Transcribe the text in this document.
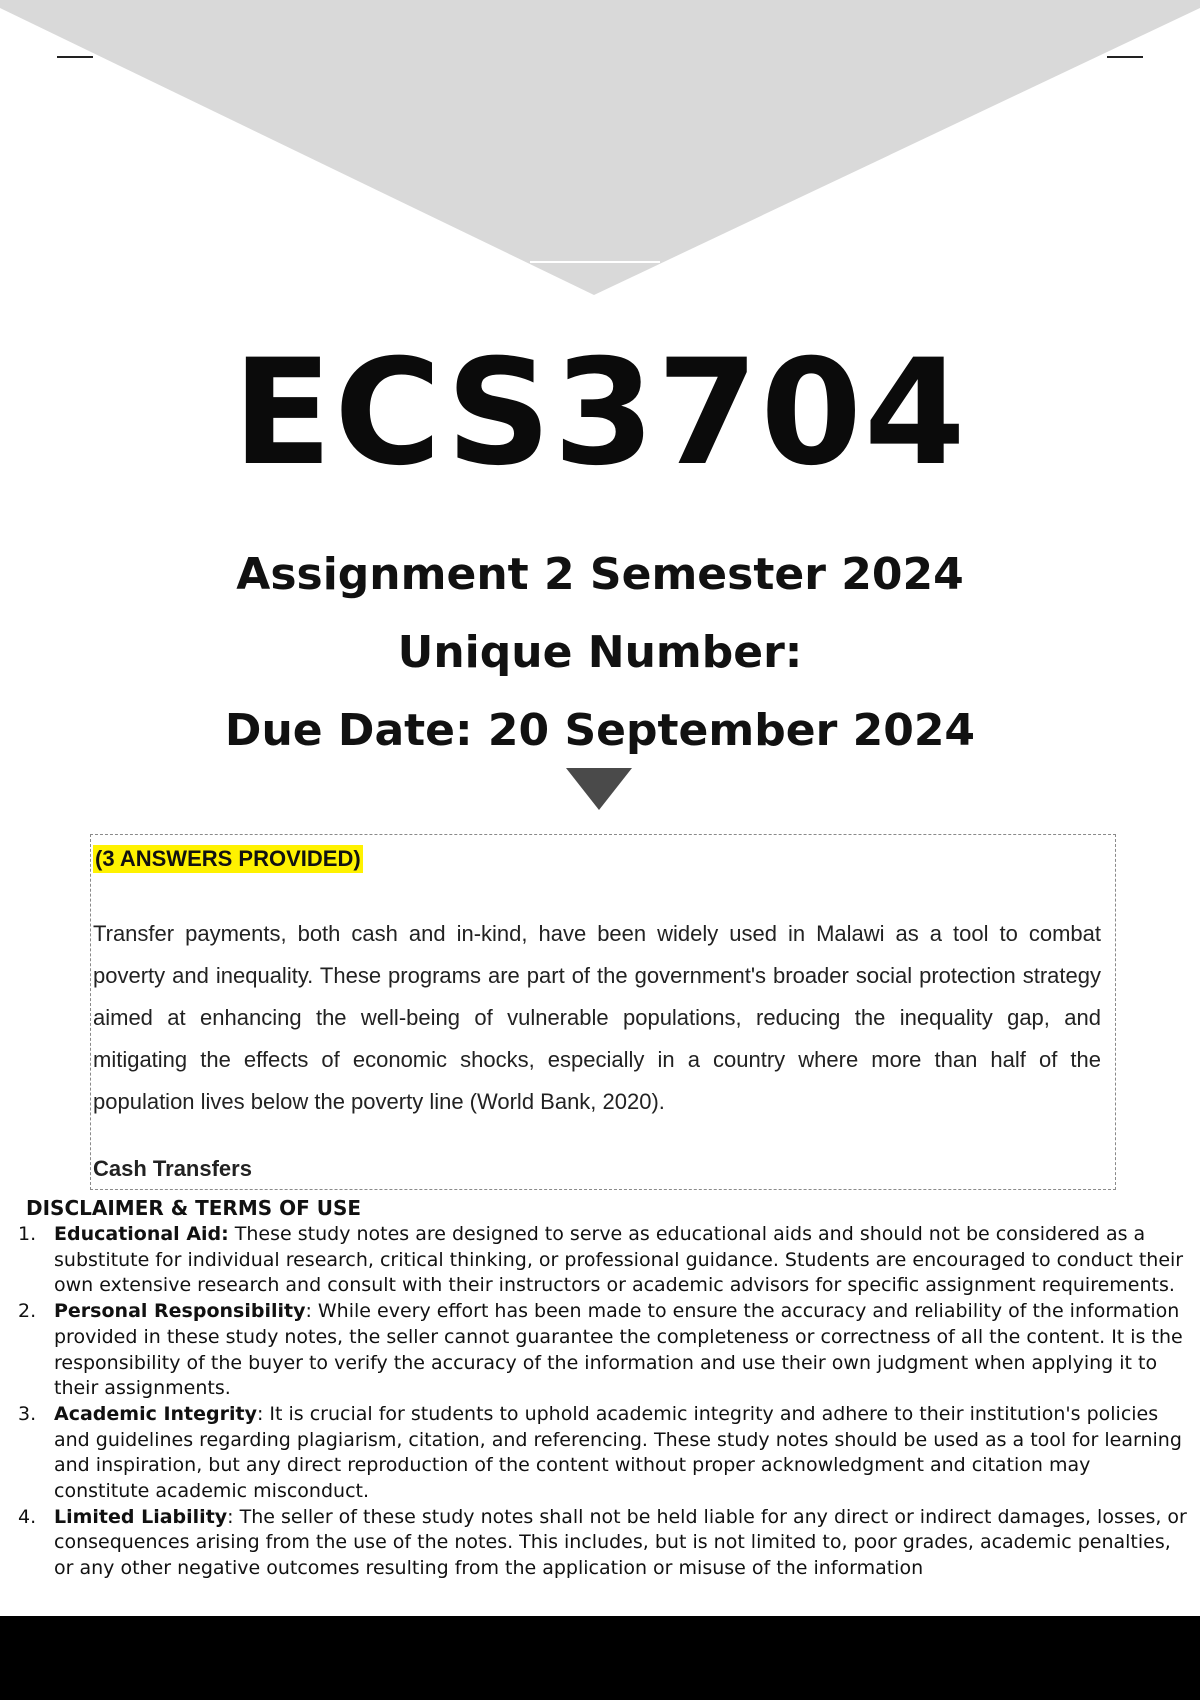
ECS3704
Assignment 2 Semester 2024
Unique Number:
Due Date: 20 September 2024
(3 ANSWERS PROVIDED)

Transfer payments, both cash and in-kind, have been widely used in Malawi as a tool to combat poverty and inequality. These programs are part of the government's broader social protection strategy aimed at enhancing the well-being of vulnerable populations, reducing the inequality gap, and mitigating the effects of economic shocks, especially in a country where more than half of the population lives below the poverty line (World Bank, 2020).

Cash Transfers
DISCLAIMER & TERMS OF USE
1. Educational Aid: These study notes are designed to serve as educational aids and should not be considered as a substitute for individual research, critical thinking, or professional guidance. Students are encouraged to conduct their own extensive research and consult with their instructors or academic advisors for specific assignment requirements.
2. Personal Responsibility: While every effort has been made to ensure the accuracy and reliability of the information provided in these study notes, the seller cannot guarantee the completeness or correctness of all the content. It is the responsibility of the buyer to verify the accuracy of the information and use their own judgment when applying it to their assignments.
3. Academic Integrity: It is crucial for students to uphold academic integrity and adhere to their institution's policies and guidelines regarding plagiarism, citation, and referencing. These study notes should be used as a tool for learning and inspiration, but any direct reproduction of the content without proper acknowledgment and citation may constitute academic misconduct.
4. Limited Liability: The seller of these study notes shall not be held liable for any direct or indirect damages, losses, or consequences arising from the use of the notes. This includes, but is not limited to, poor grades, academic penalties, or any other negative outcomes resulting from the application or misuse of the information
